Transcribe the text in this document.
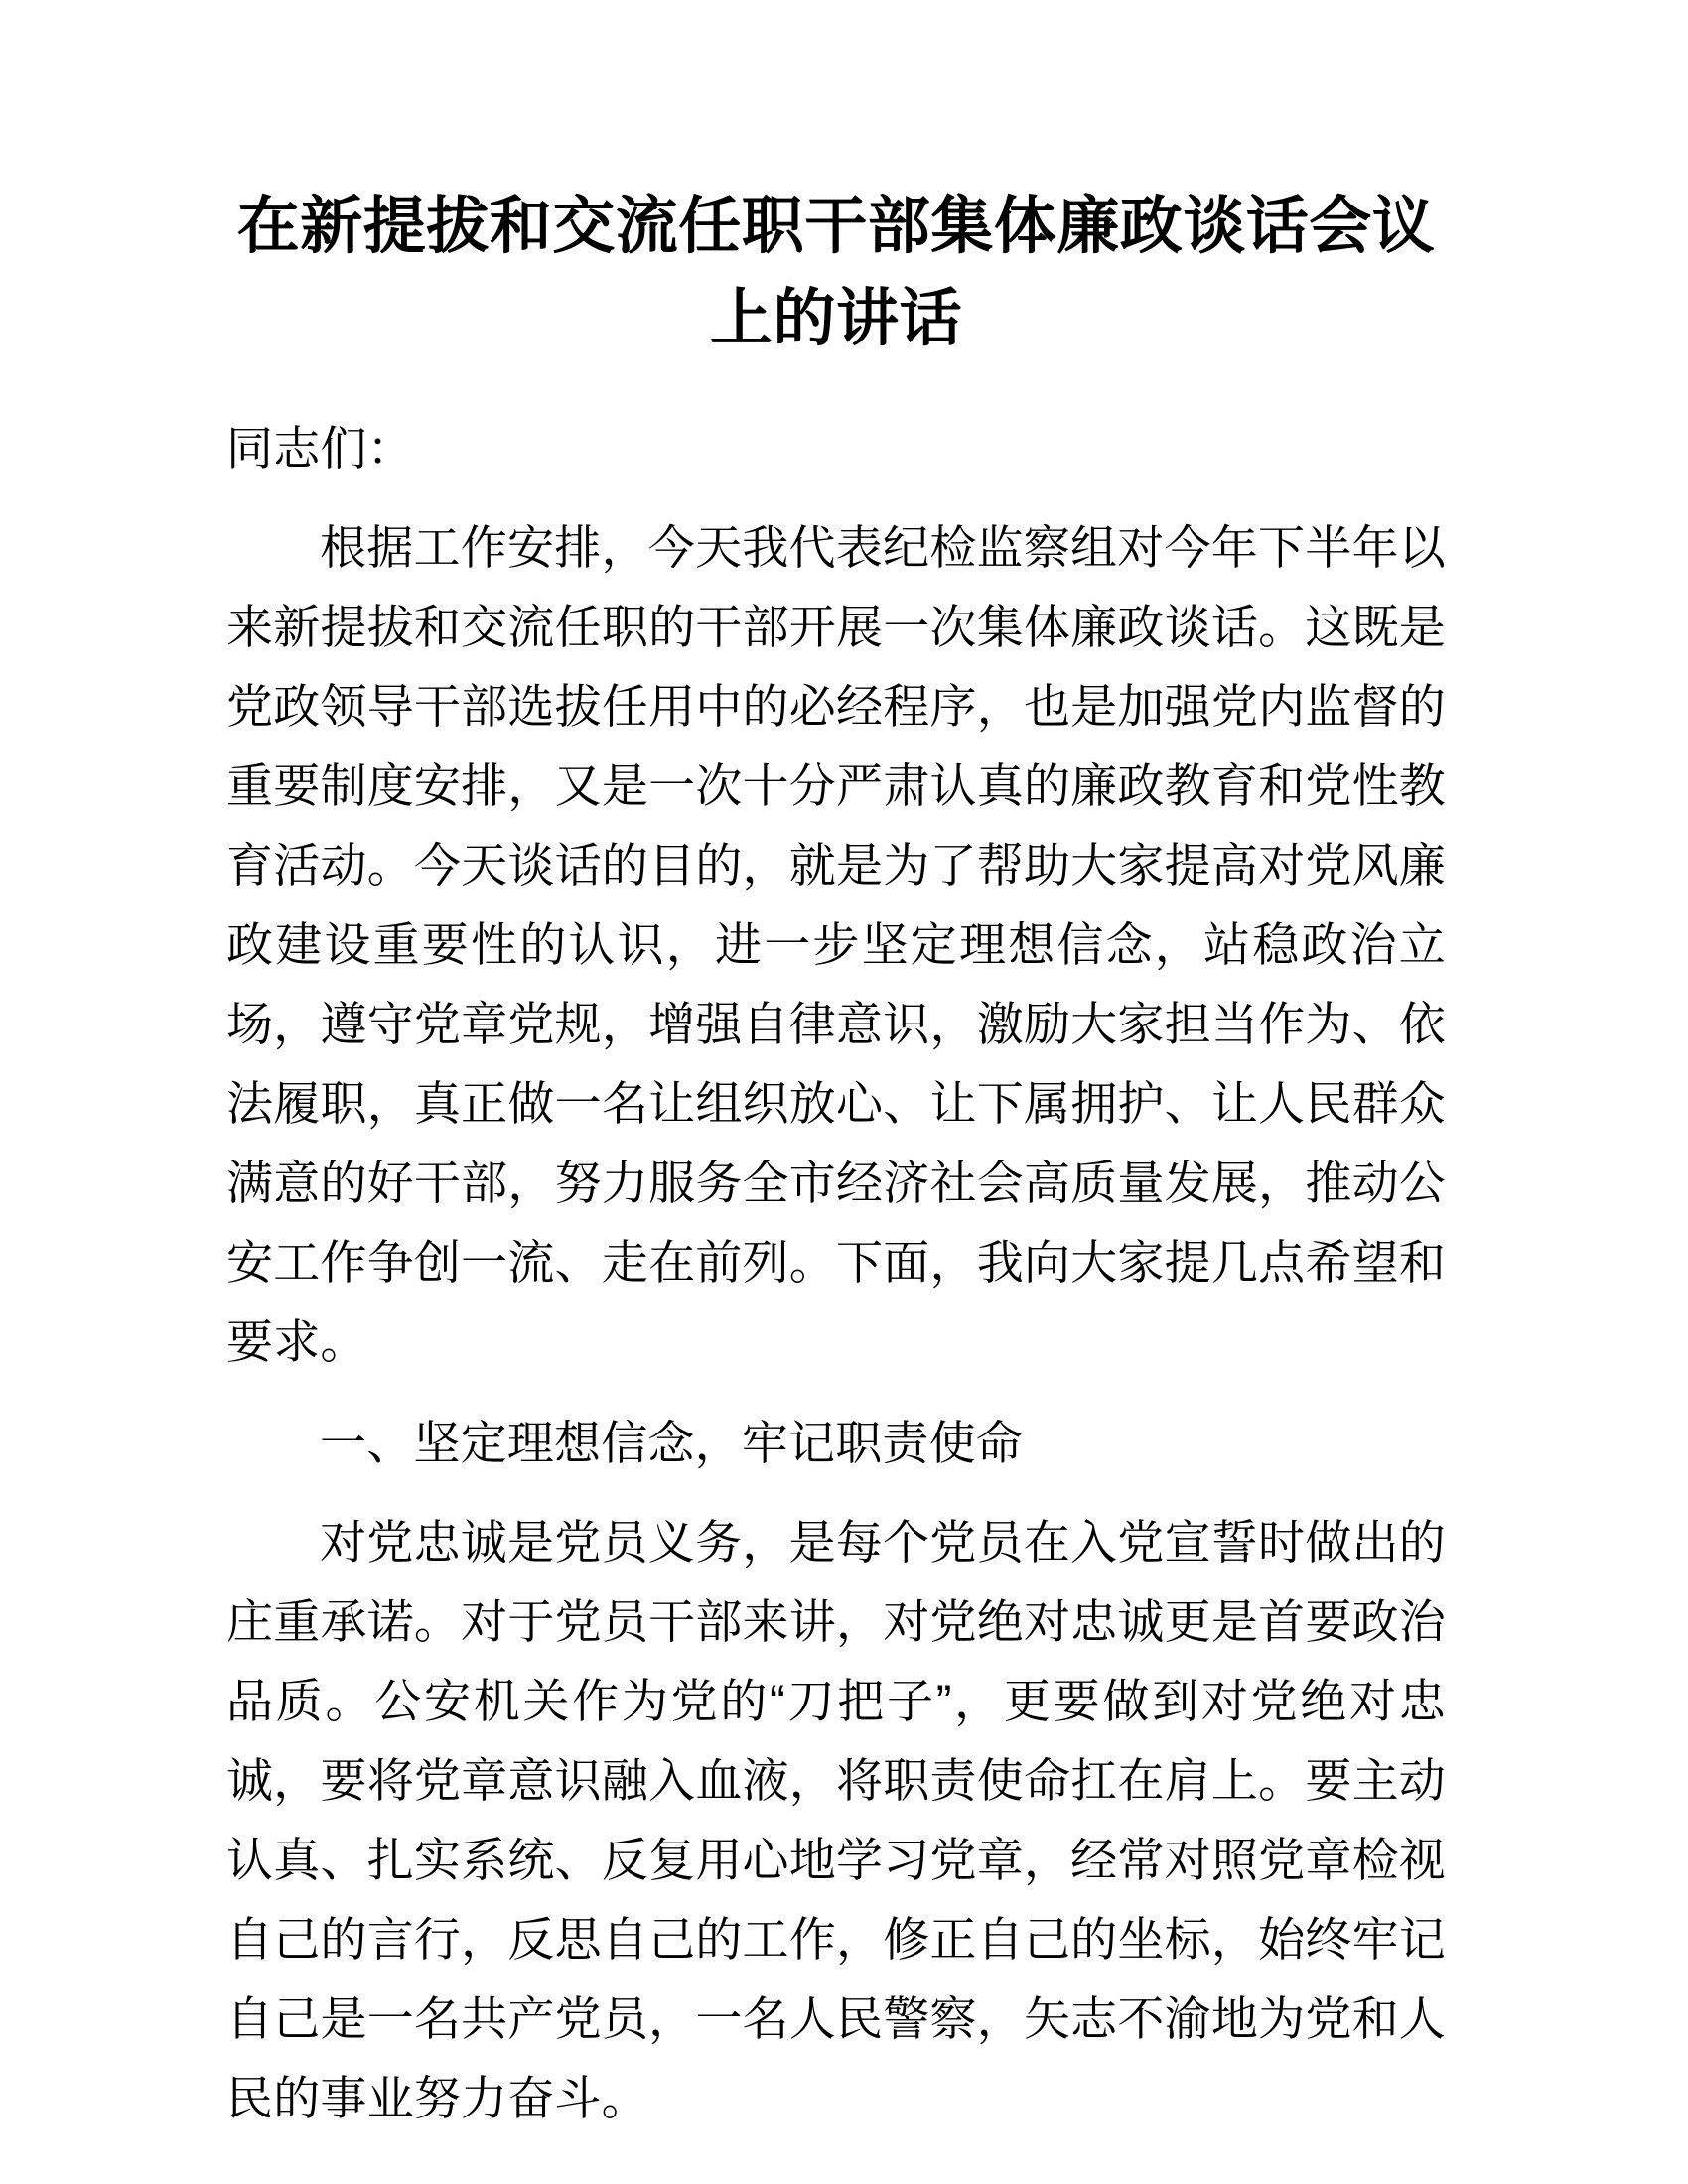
在新提拔和交流任职干部集体廉政谈话会议上的讲话

同志们：

根据工作安排，今天我代表纪检监察组对今年下半年以来新提拔和交流任职的干部开展一次集体廉政谈话。这既是党政领导干部选拔任用中的必经程序，也是加强党内监督的重要制度安排，又是一次十分严肃认真的廉政教育和党性教育活动。今天谈话的目的，就是为了帮助大家提高对党风廉政建设重要性的认识，进一步坚定理想信念，站稳政治立场，遵守党章党规，增强自律意识，激励大家担当作为、依法履职，真正做一名让组织放心、让下属拥护、让人民群众满意的好干部，努力服务全市经济社会高质量发展，推动公安工作争创一流、走在前列。下面，我向大家提几点希望和要求。

一、坚定理想信念，牢记职责使命

对党忠诚是党员义务，是每个党员在入党宣誓时做出的庄重承诺。对于党员干部来讲，对党绝对忠诚更是首要政治品质。公安机关作为党的“刀把子”，更要做到对党绝对忠诚，要将党章意识融入血液，将职责使命扛在肩上。要主动认真、扎实系统、反复用心地学习党章，经常对照党章检视自己的言行，反思自己的工作，修正自己的坐标，始终牢记自己是一名共产党员，一名人民警察，矢志不渝地为党和人民的事业努力奋斗。
